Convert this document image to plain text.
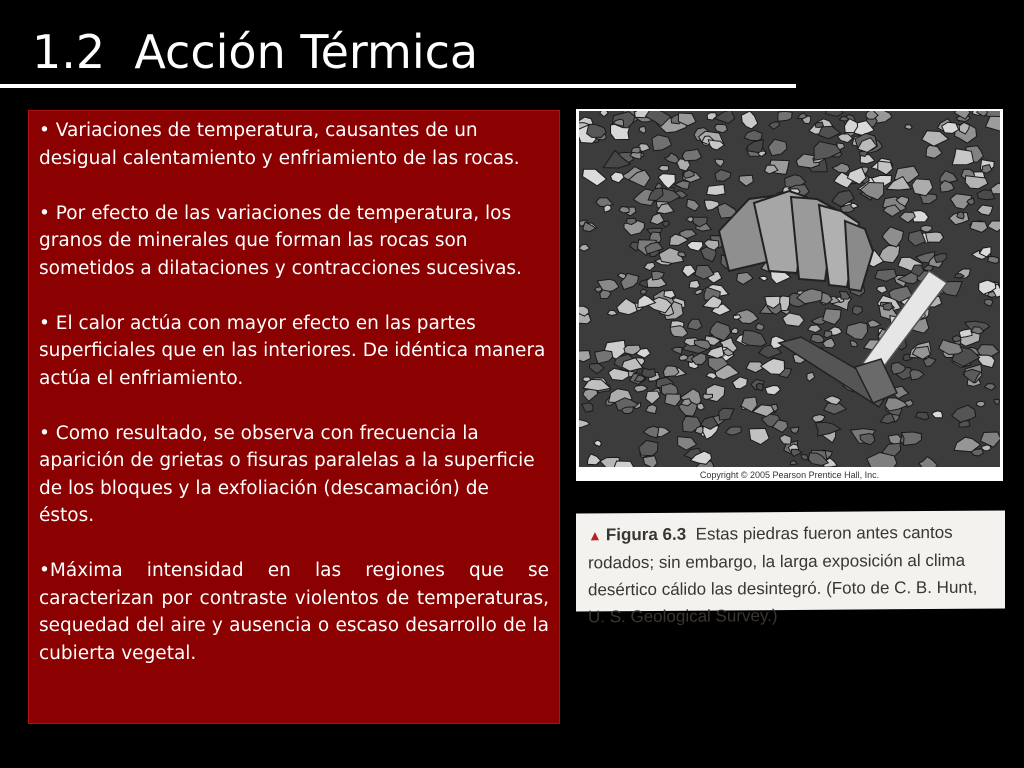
1.2  Acción Térmica

• Variaciones de temperatura, causantes de un desigual calentamiento y enfriamiento de las rocas.

• Por efecto de las variaciones de temperatura, los granos de minerales que forman las rocas son sometidos a dilataciones y contracciones sucesivas.

• El calor actúa con mayor efecto en las partes superficiales que en las interiores. De idéntica manera actúa el enfriamiento.

• Como resultado, se observa con frecuencia la aparición de grietas o fisuras paralelas a la superficie de los bloques y la exfoliación (descamación) de éstos.

•Máxima intensidad en las regiones que se caracterizan por contraste violentos de temperaturas, sequedad del aire y ausencia o escaso desarrollo de la cubierta vegetal.

Copyright © 2005 Pearson Prentice Hall, Inc.
▲ Figura 6.3 Estas piedras fueron antes cantos rodados; sin embargo, la larga exposición al clima desértico cálido las desintegró. (Foto de C. B. Hunt, U. S. Geological Survey.)
